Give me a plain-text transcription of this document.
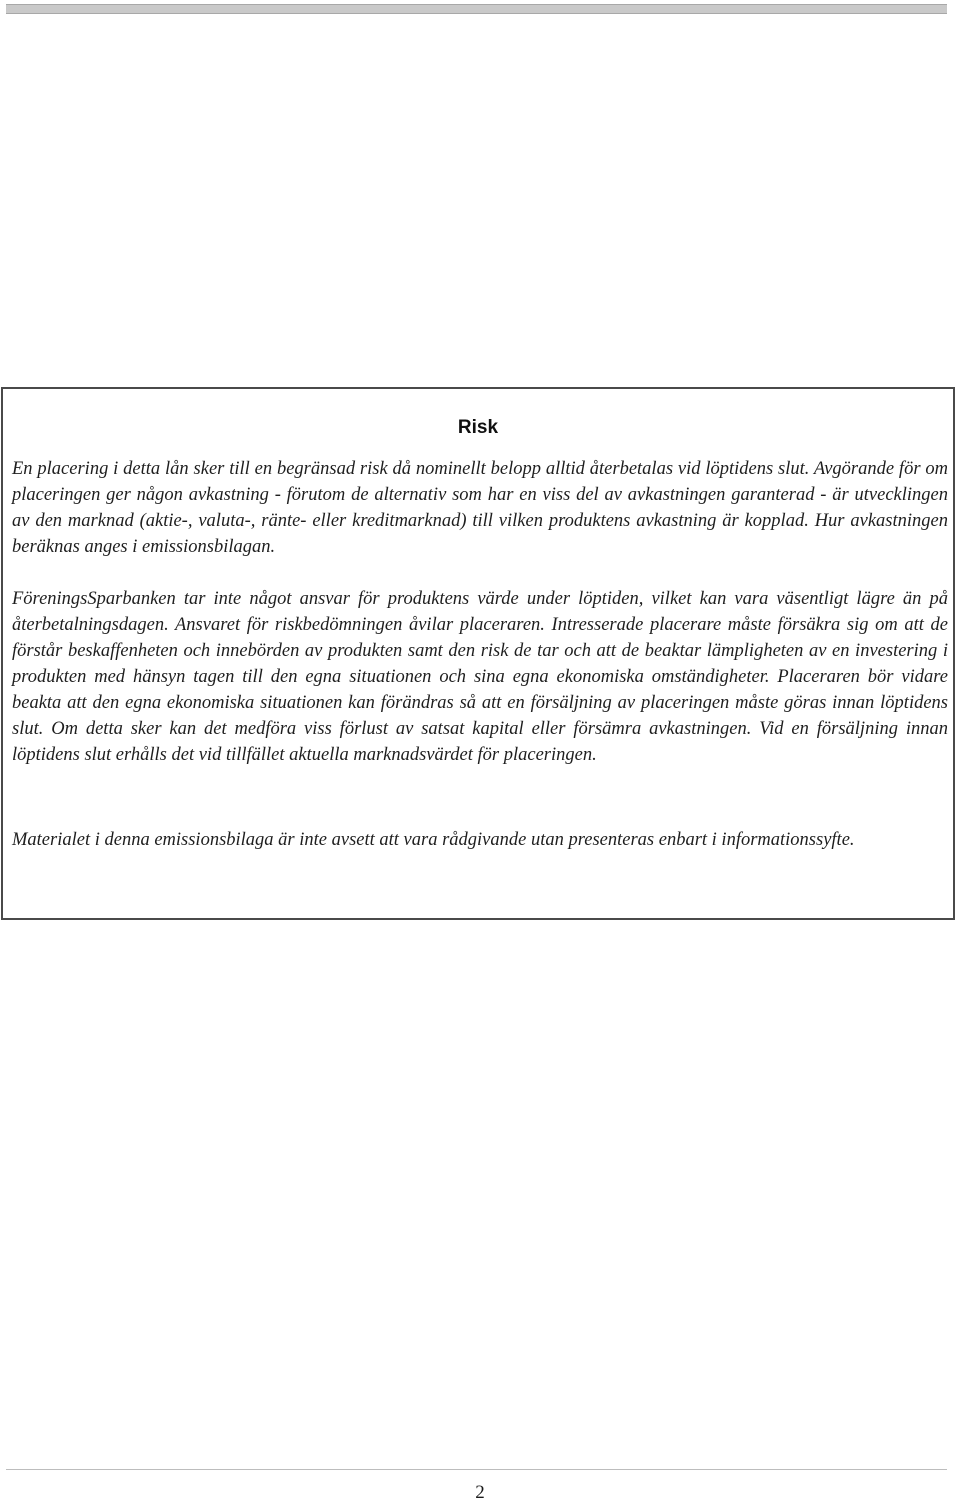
Risk

En placering i detta lån sker till en begränsad risk då nominellt belopp alltid återbetalas vid löptidens slut. Avgörande för om placeringen ger någon avkastning - förutom de alternativ som har en viss del av avkastningen garanterad - är utvecklingen av den marknad (aktie-, valuta-, ränte- eller kreditmarknad) till vilken produktens avkastning är kopplad. Hur avkastningen beräknas anges i emissionsbilagan.

FöreningsSparbanken tar inte något ansvar för produktens värde under löptiden, vilket kan vara väsentligt lägre än på återbetalningsdagen. Ansvaret för riskbedömningen åvilar placeraren. Intresserade placerare måste försäkra sig om att de förstår beskaffenheten och innebörden av produkten samt den risk de tar och att de beaktar lämpligheten av en investering i produkten med hänsyn tagen till den egna situationen och sina egna ekonomiska omständigheter. Placeraren bör vidare beakta att den egna ekonomiska situationen kan förändras så att en försäljning av placeringen måste göras innan löptidens slut. Om detta sker kan det medföra viss förlust av satsat kapital eller försämra avkastningen. Vid en försäljning innan löptidens slut erhålls det vid tillfället aktuella marknadsvärdet för placeringen.

Materialet i denna emissionsbilaga är inte avsett att vara rådgivande utan presenteras enbart i informationssyfte.

2
